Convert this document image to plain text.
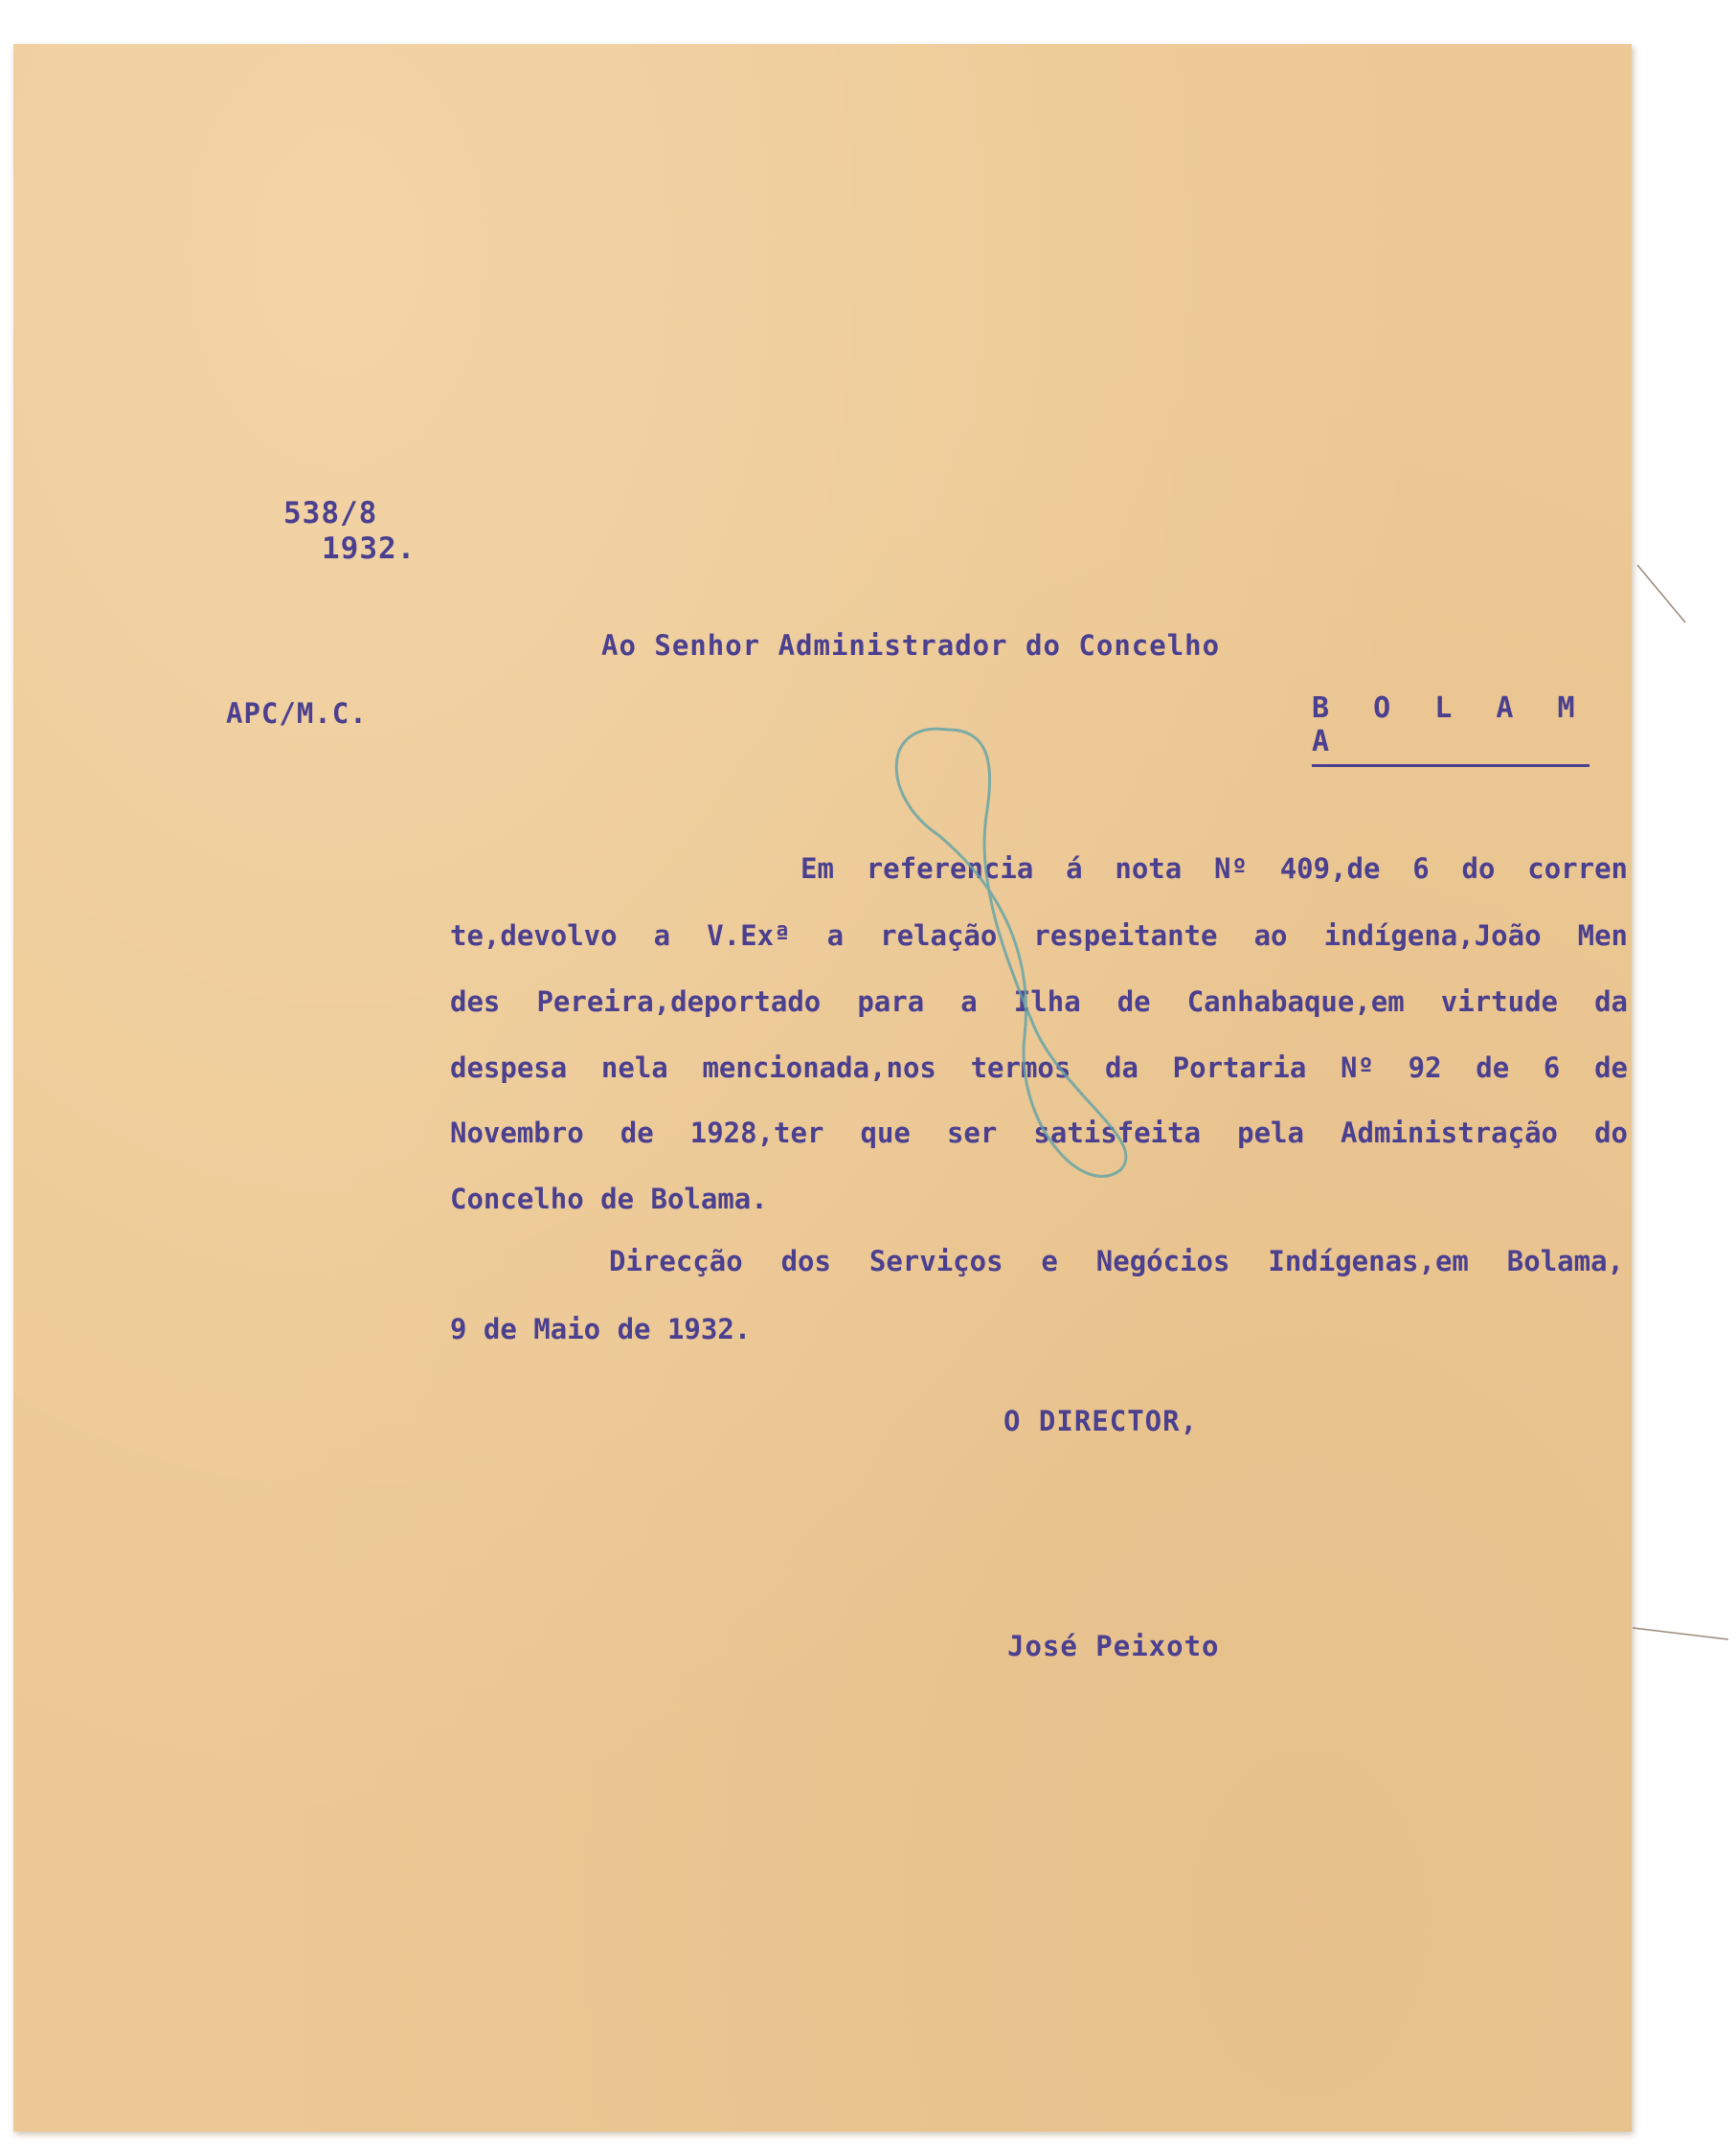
538/8

1932.

Ao Senhor Administrador do Concelho

APC/M.C.	B O L A M A
Em referencia á nota Nº 409,de 6 do corren
te,devolvo a V.Exª a relação respeitante ao indígena,João Men
des Pereira,deportado para a Ilha de Canhabaque,em virtude da
despesa nela mencionada,nos termos da Portaria Nº 92 de 6 de
Novembro de 1928,ter que ser satisfeita pela Administração do
Concelho de Bolama.
Direcção dos Serviços e Negócios Indígenas,em Bolama,
9 de Maio de 1932.

O DIRECTOR,

José Peixoto
